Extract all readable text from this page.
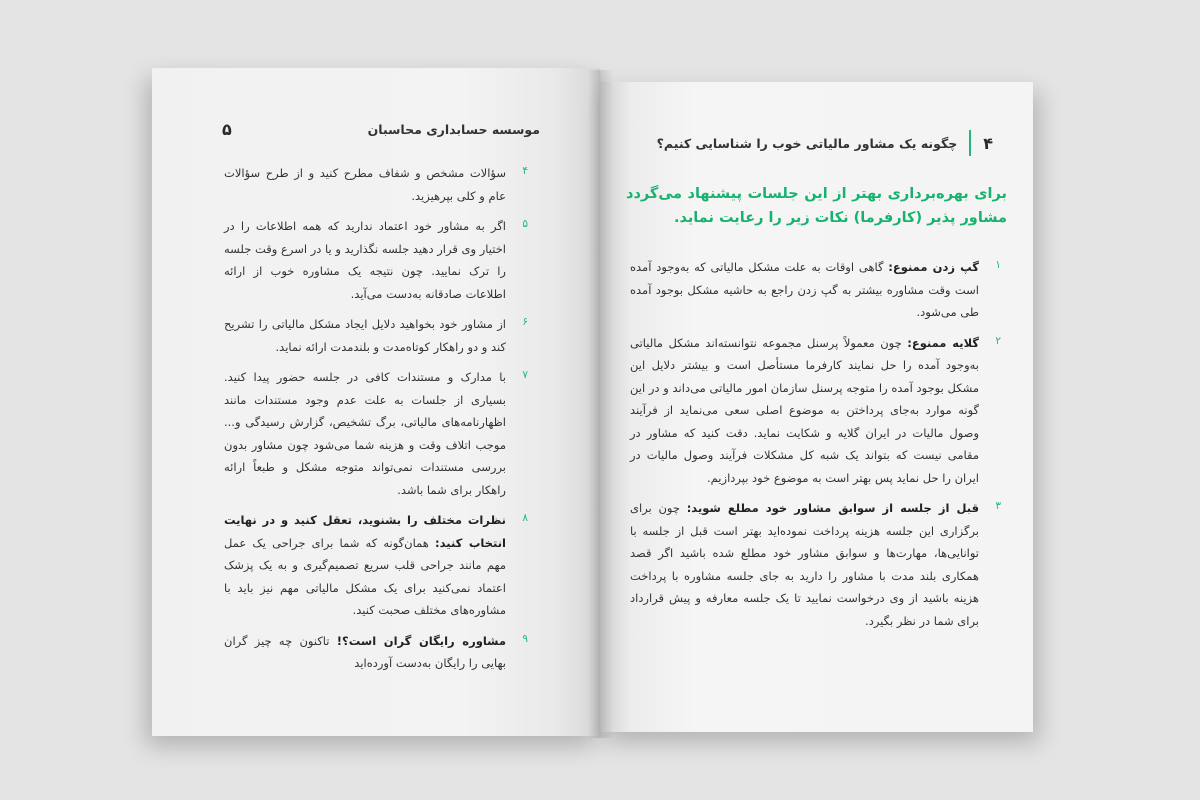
موسسه حسابداری محاسبان
۵
۴
سؤالات مشخص و شفاف مطرح کنید و از طرح سؤالات عام و کلی بپرهیزید.
۵
اگر به مشاور خود اعتماد ندارید که همه اطلاعات را در اختیار وی قرار دهید جلسه نگذارید و یا در اسرع وقت جلسه را ترک نمایید. چون نتیجه یک مشاوره خوب از ارائه اطلاعات صادقانه به‌دست می‌آید.
۶
از مشاور خود بخواهید دلایل ایجاد مشکل مالیاتی را تشریح کند و دو راهکار کوتاه‌مدت و بلندمدت ارائه نماید.
۷
با مدارک و مستندات کافی در جلسه حضور پیدا کنید. بسیاری از جلسات به علت عدم وجود مستندات مانند اظهارنامه‌های مالیاتی، برگ تشخیص، گزارش رسیدگی و... موجب اتلاف وقت و هزینه شما می‌شود چون مشاور بدون بررسی مستندات نمی‌تواند متوجه مشکل و طبعاً ارائه راهکار برای شما باشد.
۸
نظرات مختلف را بشنوید، تعقل کنید و در نهایت انتخاب کنید: همان‌گونه که شما برای جراحی یک عمل مهم مانند جراحی قلب سریع تصمیم‌گیری و به یک پزشک اعتماد نمی‌کنید برای یک مشکل مالیاتی مهم نیز باید با مشاوره‌های مختلف صحبت کنید.
۹
مشاوره رایگان گران است؟! تاکنون چه چیز گران بهایی را رایگان به‌دست آورده‌اید
۴
چگونه یک مشاور مالیاتی خوب را شناسایی کنیم؟
برای بهره‌برداری بهتر از این جلسات پیشنهاد می‌گردد مشاور پذیر (کارفرما) نکات زیر را رعایت نماید.
۱
گپ زدن ممنوع: گاهی اوقات به علت مشکل مالیاتی که به‌وجود آمده است وقت مشاوره بیشتر به گپ زدن راجع به حاشیه مشکل بوجود آمده طی می‌شود.
۲
گلایه ممنوع: چون معمولاً پرسنل مجموعه نتوانسته‌اند مشکل مالیاتی به‌وجود آمده را حل نمایند کارفرما مستأصل است و بیشتر دلایل این مشکل بوجود آمده را متوجه پرسنل سازمان امور مالیاتی می‌داند و در این گونه موارد به‌جای پرداختن به موضوع اصلی سعی می‌نماید از فرآیند وصول مالیات در ایران گلایه و شکایت نماید. دقت کنید که مشاور در مقامی نیست که بتواند یک شبه کل مشکلات فرآیند وصول مالیات در ایران را حل نماید پس بهتر است به موضوع خود بپردازیم.
۳
قبل از جلسه از سوابق مشاور خود مطلع شوید: چون برای برگزاری این جلسه هزینه پرداخت نموده‌اید بهتر است قبل از جلسه با توانایی‌ها، مهارت‌ها و سوابق مشاور خود مطلع شده باشید اگر قصد همکاری بلند مدت با مشاور را دارید به جای جلسه مشاوره با پرداخت هزینه باشید از وی درخواست نمایید تا یک جلسه معارفه و پیش قرارداد برای شما در نظر بگیرد.
